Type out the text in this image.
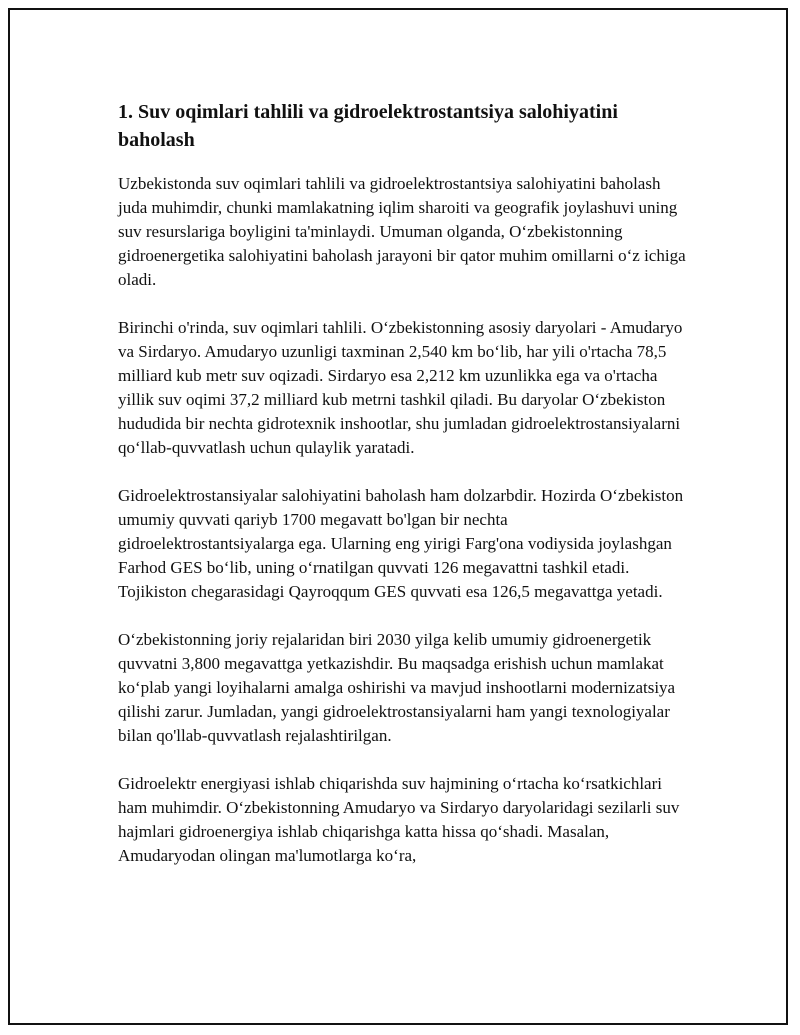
1. Suv oqimlari tahlili va gidroelektrostantsiya salohiyatini baholash

Uzbekistonda suv oqimlari tahlili va gidroelektrostantsiya salohiyatini baholash juda muhimdir, chunki mamlakatning iqlim sharoiti va geografik joylashuvi uning suv resurslariga boyligini ta'minlaydi. Umuman olganda, O‘zbekistonning gidroenergetika salohiyatini baholash jarayoni bir qator muhim omillarni o‘z ichiga oladi.

Birinchi o'rinda, suv oqimlari tahlili. O‘zbekistonning asosiy daryolari - Amudaryo va Sirdaryo. Amudaryo uzunligi taxminan 2,540 km bo‘lib, har yili o'rtacha 78,5 milliard kub metr suv oqizadi. Sirdaryo esa 2,212 km uzunlikka ega va o'rtacha yillik suv oqimi 37,2 milliard kub metrni tashkil qiladi. Bu daryolar O‘zbekiston hududida bir nechta gidrotexnik inshootlar, shu jumladan gidroelektrostansiyalarni qo‘llab-quvvatlash uchun qulaylik yaratadi.

Gidroelektrostansiyalar salohiyatini baholash ham dolzarbdir. Hozirda O‘zbekiston umumiy quvvati qariyb 1700 megavatt bo'lgan bir nechta gidroelektrostantsiyalarga ega. Ularning eng yirigi Farg'ona vodiysida joylashgan Farhod GES bo‘lib, uning o‘rnatilgan quvvati 126 megavattni tashkil etadi. Tojikiston chegarasidagi Qayroqqum GES quvvati esa 126,5 megavattga yetadi.

O‘zbekistonning joriy rejalaridan biri 2030 yilga kelib umumiy gidroenergetik quvvatni 3,800 megavattga yetkazishdir. Bu maqsadga erishish uchun mamlakat ko‘plab yangi loyihalarni amalga oshirishi va mavjud inshootlarni modernizatsiya qilishi zarur. Jumladan, yangi gidroelektrostansiyalarni ham yangi texnologiyalar bilan qo'llab-quvvatlash rejalashtirilgan.

Gidroelektr energiyasi ishlab chiqarishda suv hajmining o‘rtacha ko‘rsatkichlari ham muhimdir. O‘zbekistonning Amudaryo va Sirdaryo daryolaridagi sezilarli suv hajmlari gidroenergiya ishlab chiqarishga katta hissa qo‘shadi. Masalan, Amudaryodan olingan ma'lumotlarga ko‘ra,
